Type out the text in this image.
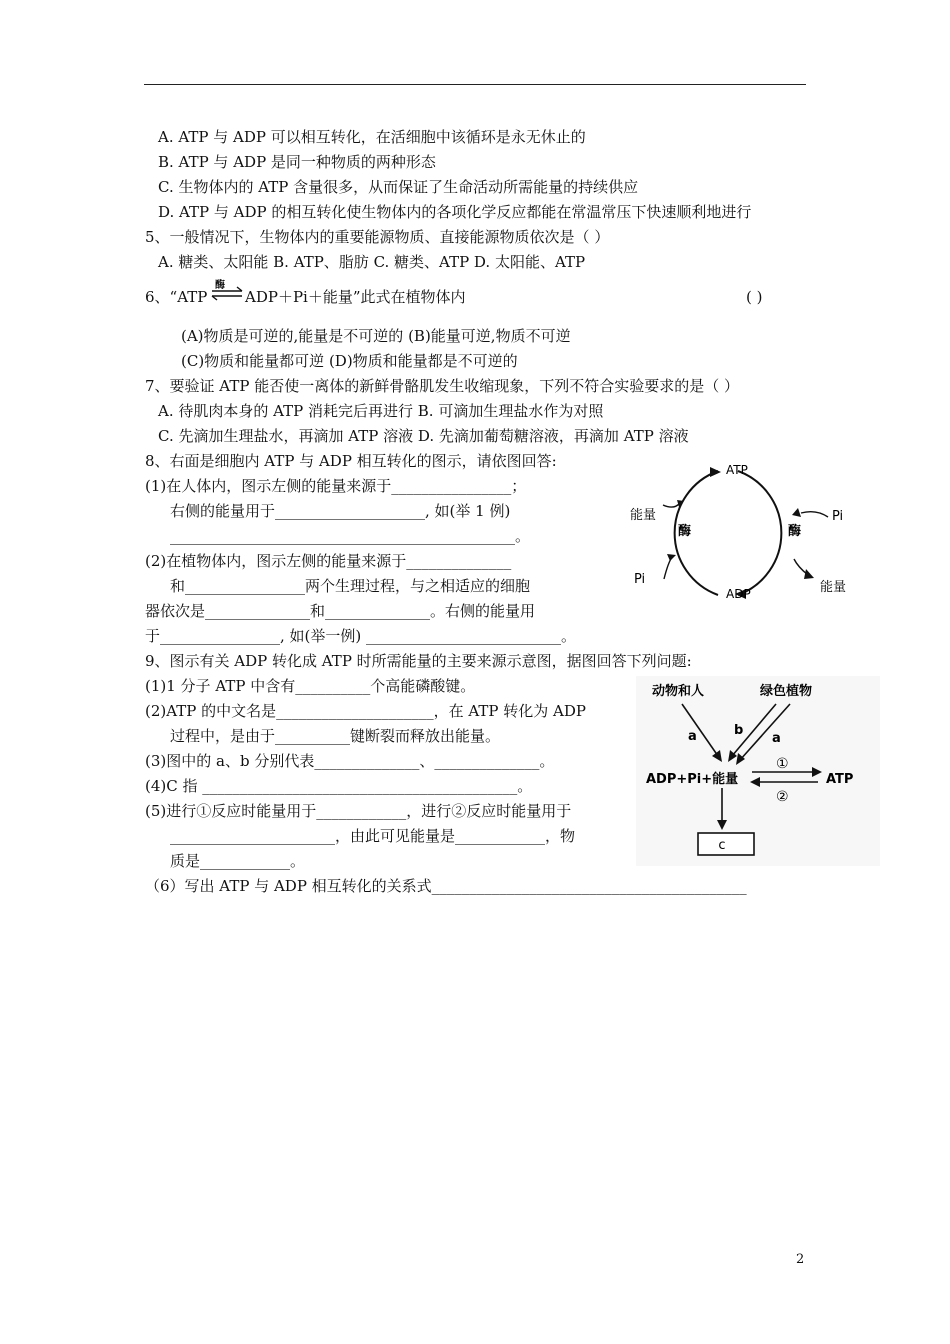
A. ATP 与 ADP 可以相互转化，在活细胞中该循环是永无休止的
B. ATP 与 ADP 是同一种物质的两种形态
C. 生物体内的 ATP 含量很多，从而保证了生命活动所需能量的持续供应
D. ATP 与 ADP 的相互转化使生物体内的各项化学反应都能在常温常压下快速顺利地进行
5、一般情况下，生物体内的重要能源物质、直接能源物质依次是（ ）
A. 糖类、太阳能 B. ATP、脂肪 C. 糖类、ATP D. 太阳能、ATP
6、“ATP
酶
⇌ ADP＋Pi＋能量”此式在植物体内	( )
(A)物质是可逆的,能量是不可逆的 (B)能量可逆,物质不可逆
(C)物质和能量都可逆 (D)物质和能量都是不可逆的
7、要验证 ATP 能否使一离体的新鲜骨骼肌发生收缩现象，下列不符合实验要求的是（ ）
A. 待肌肉本身的 ATP 消耗完后再进行 B. 可滴加生理盐水作为对照
C. 先滴加生理盐水，再滴加 ATP 溶液 D. 先滴加葡萄糖溶液，再滴加 ATP 溶液
8、右面是细胞内 ATP 与 ADP 相互转化的图示，请依图回答:
(1)在人体内，图示左侧的能量来源于________________；
右侧的能量用于____________________, 如(举 1 例)
______________________________________________。
(2)在植物体内，图示左侧的能量来源于______________
和________________两个生理过程，与之相适应的细胞
器依次是______________和______________。右侧的能量用
于________________, 如(举一例) __________________________。
ATP
ADP
能量
Pi
Pi
能量
酶	酶
9、图示有关 ADP 转化成 ATP 时所需能量的主要来源示意图，据图回答下列问题:
(1)1 分子 ATP 中含有__________个高能磷酸键。
(2)ATP 的中文名是_____________________，在 ATP 转化为 ADP
过程中，是由于__________键断裂而释放出能量。
(3)图中的 a、b 分别代表______________、______________。
(4)C 指 __________________________________________。
(5)进行①反应时能量用于____________，进行②反应时能量用于
______________________，由此可见能量是____________，物
质是____________。
（6）写出 ATP 与 ADP 相互转化的关系式__________________________________________
动物和人	绿色植物
a	b
a
ADP+Pi+能量	ATP
①
②
c
2
